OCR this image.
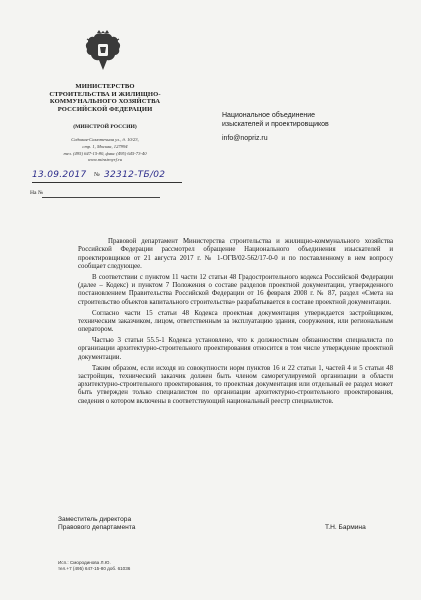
МИНИСТЕРСТВО
СТРОИТЕЛЬСТВА И ЖИЛИЩНО-
КОММУНАЛЬНОГО ХОЗЯЙСТВА
РОССИЙСКОЙ ФЕДЕРАЦИИ
(МИНСТРОЙ РОССИИ)
Садовая-Самотечная ул., д. 10/23,
стр. 1, Москва, 127994
тел. (495) 647-15-80, факс (495) 645-73-40
www.minstroyrf.ru
13.09.2017 № 32312-ТБ/02
На №
Национальное объединение
изыскателей и проектировщиков
info@nopriz.ru

Правовой департамент Министерства строительства и жилищно-коммунального хозяйства Российской Федерации рассмотрел обращение Национального объединения изыскателей и проектировщиков от 21 августа 2017 г. № 1-ОГВ/02-562/17-0-0 и по поставленному в нем вопросу сообщает следующее.

В соответствии с пунктом 11 части 12 статьи 48 Градостроительного кодекса Российской Федерации (далее – Кодекс) и пунктом 7 Положения о составе разделов проектной документации, утвержденного постановлением Правительства Российской Федерации от 16 февраля 2008 г. № 87, раздел «Смета на строительство объектов капитального строительства» разрабатывается в составе проектной документации.

Согласно части 15 статьи 48 Кодекса проектная документация утверждается застройщиком, техническим заказчиком, лицом, ответственным за эксплуатацию здания, сооружения, или региональным оператором.

Частью 3 статьи 55.5-1 Кодекса установлено, что к должностным обязанностям специалиста по организации архитектурно-строительного проектирования относится в том числе утверждение проектной документации.

Таким образом, если исходя из совокупности норм пунктов 16 и 22 статьи 1, частей 4 и 5 статьи 48 застройщик, технический заказчик должен быть членом саморегулируемой организации в области архитектурно-строительного проектирования, то проектная документация или отдельный ее раздел может быть утвержден только специалистом по организации архитектурно-строительного проектирования, сведения о котором включены в соответствующий национальный реестр специалистов.

Заместитель директора
Правового департамента	Т.Н. Бармина
Исп.: Смородинова Л.Ю.
тел.+7 (495) 647-15-80 доб. 61036
